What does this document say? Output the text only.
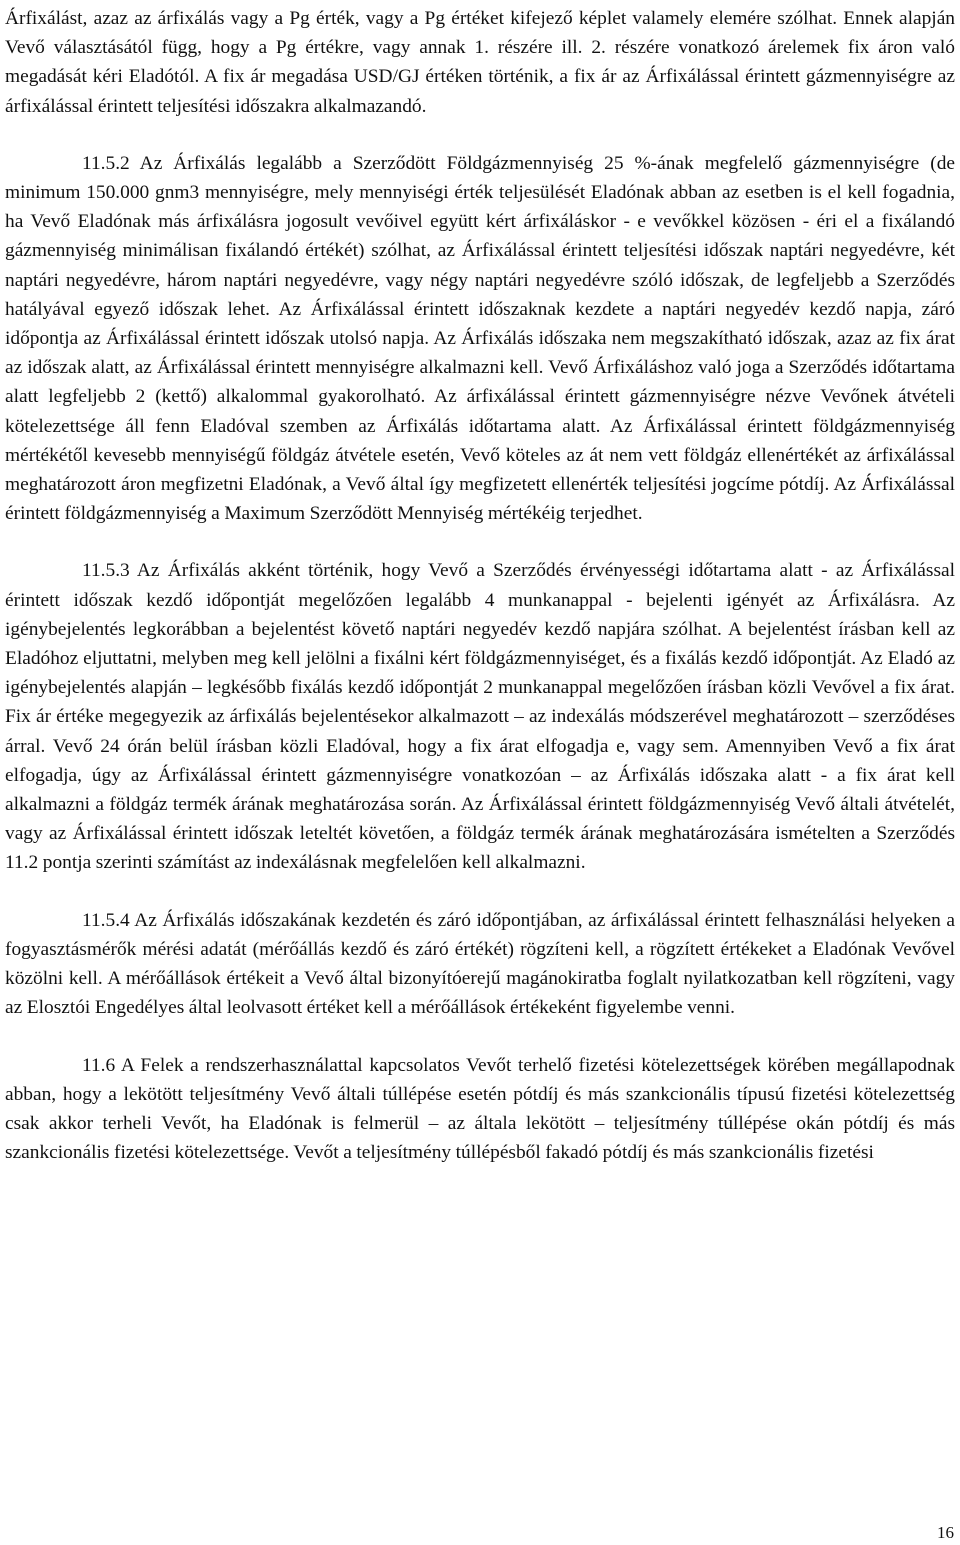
Árfixálást, azaz az árfixálás vagy a Pg érték, vagy a Pg értéket kifejező képlet valamely elemére szólhat. Ennek alapján Vevő választásától függ, hogy a Pg értékre, vagy annak 1. részére ill. 2. részére vonatkozó árelemek fix áron való megadását kéri Eladótól. A fix ár megadása USD/GJ értéken történik, a fix ár az Árfixálással érintett gázmennyiségre az árfixálással érintett teljesítési időszakra alkalmazandó.

11.5.2 Az Árfixálás legalább a Szerződött Földgázmennyiség 25 %-ának megfelelő gázmennyiségre (de minimum 150.000 gnm3 mennyiségre, mely mennyiségi érték teljesülését Eladónak abban az esetben is el kell fogadnia, ha Vevő Eladónak más árfixálásra jogosult vevőivel együtt kért árfixáláskor - e vevőkkel közösen - éri el a fixálandó gázmennyiség minimálisan fixálandó értékét) szólhat, az Árfixálással érintett teljesítési időszak naptári negyedévre, két naptári negyedévre, három naptári negyedévre, vagy négy naptári negyedévre szóló időszak, de legfeljebb a Szerződés hatályával egyező időszak lehet. Az Árfixálással érintett időszaknak kezdete a naptári negyedév kezdő napja, záró időpontja az Árfixálással érintett időszak utolsó napja. Az Árfixálás időszaka nem megszakítható időszak, azaz az fix árat az időszak alatt, az Árfixálással érintett mennyiségre alkalmazni kell. Vevő Árfixáláshoz való joga a Szerződés időtartama alatt legfeljebb 2 (kettő) alkalommal gyakorolható. Az árfixálással érintett gázmennyiségre nézve Vevőnek átvételi kötelezettsége áll fenn Eladóval szemben az Árfixálás időtartama alatt. Az Árfixálással érintett földgázmennyiség mértékétől kevesebb mennyiségű földgáz átvétele esetén, Vevő köteles az át nem vett földgáz ellenértékét az árfixálással meghatározott áron megfizetni Eladónak, a Vevő által így megfizetett ellenérték teljesítési jogcíme pótdíj. Az Árfixálással érintett földgázmennyiség a Maximum Szerződött Mennyiség mértékéig terjedhet.

11.5.3 Az Árfixálás akként történik, hogy Vevő a Szerződés érvényességi időtartama alatt - az Árfixálással érintett időszak kezdő időpontját megelőzően legalább 4 munkanappal - bejelenti igényét az Árfixálásra. Az igénybejelentés legkorábban a bejelentést követő naptári negyedév kezdő napjára szólhat. A bejelentést írásban kell az Eladóhoz eljuttatni, melyben meg kell jelölni a fixálni kért földgázmennyiséget, és a fixálás kezdő időpontját. Az Eladó az igénybejelentés alapján – legkésőbb fixálás kezdő időpontját 2 munkanappal megelőzően írásban közli Vevővel a fix árat. Fix ár értéke megegyezik az árfixálás bejelentésekor alkalmazott – az indexálás módszerével meghatározott – szerződéses árral. Vevő 24 órán belül írásban közli Eladóval, hogy a fix árat elfogadja e, vagy sem. Amennyiben Vevő a fix árat elfogadja, úgy az Árfixálással érintett gázmennyiségre vonatkozóan – az Árfixálás időszaka alatt - a fix árat kell alkalmazni a földgáz termék árának meghatározása során. Az Árfixálással érintett földgázmennyiség Vevő általi átvételét, vagy az Árfixálással érintett időszak leteltét követően, a földgáz termék árának meghatározására ismételten a Szerződés 11.2 pontja szerinti számítást az indexálásnak megfelelően kell alkalmazni.

11.5.4 Az Árfixálás időszakának kezdetén és záró időpontjában, az árfixálással érintett felhasználási helyeken a fogyasztásmérők mérési adatát (mérőállás kezdő és záró értékét) rögzíteni kell, a rögzített értékeket a Eladónak Vevővel közölni kell. A mérőállások értékeit a Vevő által bizonyítóerejű magánokiratba foglalt nyilatkozatban kell rögzíteni, vagy az Elosztói Engedélyes által leolvasott értéket kell a mérőállások értékeként figyelembe venni.

11.6 A Felek a rendszerhasználattal kapcsolatos Vevőt terhelő fizetési kötelezettségek körében megállapodnak abban, hogy a lekötött teljesítmény Vevő általi túllépése esetén pótdíj és más szankcionális típusú fizetési kötelezettség csak akkor terheli Vevőt, ha Eladónak is felmerül – az általa lekötött – teljesítmény túllépése okán pótdíj és más szankcionális fizetési kötelezettsége. Vevőt a teljesítmény túllépésből fakadó pótdíj és más szankcionális fizetési

16
